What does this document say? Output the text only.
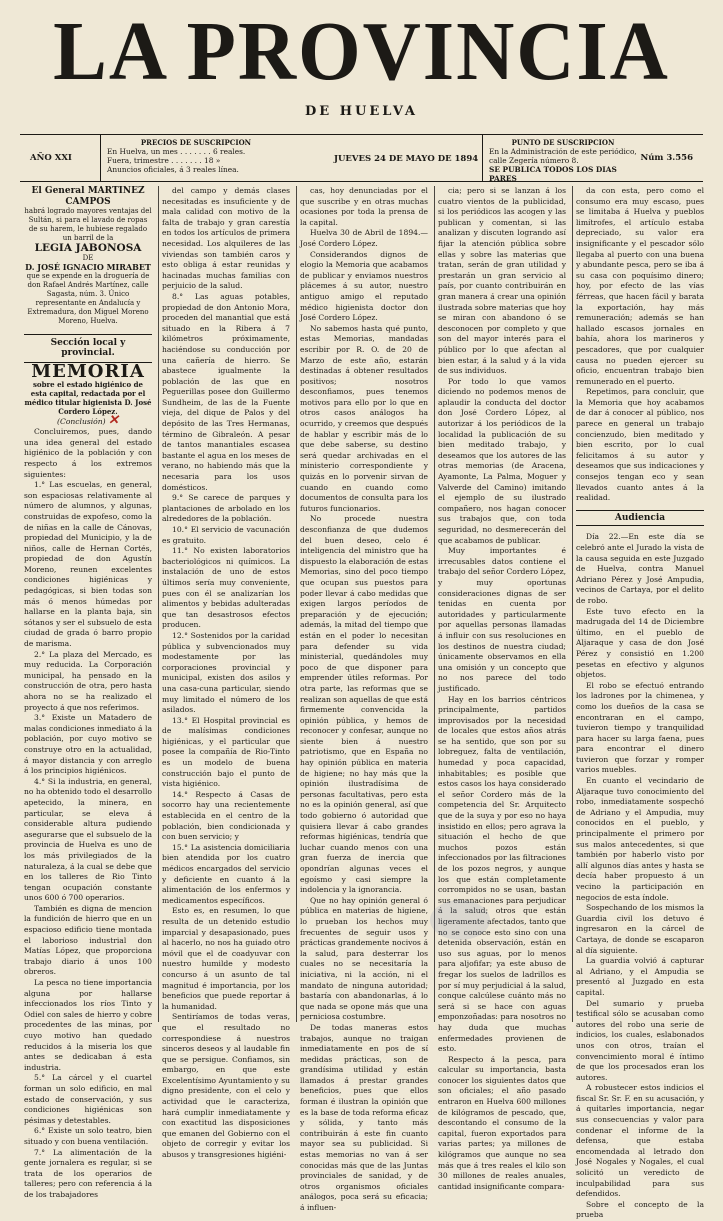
LA PROVINCIA
DE HUELVA
AÑO XXI
PRECIOS DE SUSCRIPCION
En Huelva, un mes . . . . . . . 6 reales.
Fuera, trimestre . . . . . . . 18 »
Anuncios oficiales, á 3 reales línea.
JUEVES 24 DE MAYO DE 1894
PUNTO DE SUSCRIPCION
En la Administración de este periódico,
calle Zegería número 8.
SE PUBLICA TODOS LOS DIAS PARES
Núm 3.556

El General MARTINEZ CAMPOS

habrá logrado mayores ventajas del Sultán, si para el lavado de ropas de su harem, le hubiese regalado un barril de la

LEGIA JABONOSA

DE

D. JOSÉ IGNACIO MIRABET

que se expende en la droguería de don Rafael Andrés Martínez, calle Sagasta, núm. 3. Único representante en Andalucía y Extremadura, don Miguel Moreno Moreno, Huelva.

Sección local y provincial.
MEMORIA

sobre el estado higiénico de esta capital, redactada por el médico titular higienista D. José Cordero López.

(Conclusión) ✕

Concluiremos, pues, dando una idea general del estado higiénico de la población y con respecto á los extremos siguientes:

1.° Las escuelas, en general, son espaciosas relativamente al número de alumnos, y algunas, construidas de expofeso, como la de niñas en la calle de Cánovas, propiedad del Municipio, y la de niños, calle de Hernan Cortés, propiedad de don Agustín Moreno, reunen excelentes condiciones higiénicas y pedagógicas, si bien todas son más ó menos húmedas por hallarse en la planta baja, sin sótanos y ser el subsuelo de esta ciudad de grada ó barro propio de marisma.

2.° La plaza del Mercado, es muy reducida. La Corporación municipal, ha pensado en la construcción de otra, pero hasta ahora no se ha realizado el proyecto á que nos referimos.

3.° Existe un Matadero de malas condiciones inmediato á la población, por cuyo motivo se construye otro en la actualidad, á mayor distancia y con arreglo á los principios higiénicos.

4.° Si la industria, en general, no ha obtenido todo el desarrollo apetecido, la minera, en particular, se eleva á considerable altura pudiendo asegurarse que el subsuelo de la provincia de Huelva es uno de los más privilegiados de la naturaleza, á la cual se debe que en los talleres de Rio Tinto tengan ocupación constante unos 600 ó 700 operarios.

También es digna de mencion la fundición de hierro que en un espacioso edificio tiene montada el laborioso industrial don Matías López, que proporciona trabajo diario á unos 100 obreros.

La pesca no tiene importancia alguna por hallarse infeccionados los ríos Tinto y Odiel con sales de hierro y cobre procedentes de las minas, por cuyo motivo han quedado reducidos á la miseria los que antes se dedicaban á esta industria.

5.° La cárcel y el cuartel forman un solo edificio, en mal estado de conservación, y sus condiciones higiénicas son pésimas y detestables.

6.° Existe un solo teatro, bien situado y con buena ventilación.

7.° La alimentación de la gente jornalera es regular, si se trata de los operarios de talleres; pero con referencia á la de los trabajadores

del campo y demás clases necesitadas es insuficiente y de mala calidad con motivo de la falta de trabajo y gran carestía en todos los artículos de primera necesidad. Los alquileres de las viviendas son también caros y esto obliga á estar reunidas y hacinadas muchas familias con perjuicio de la salud.

8.° Las aguas potables, propiedad de don Antonio Mora, proceden del manantial que está situado en la Ribera á 7 kilómetros próximamente, haciéndose su conducción por una cañería de hierro. Se abastece igualmente la población de las que en Peguerillas posee don Guillermo Sundheim, de las de la Fuente vieja, del dique de Palos y del depósito de las Tres Hermanas, término de Gibraleón. A pesar de tantos manantiales escasea bastante el agua en los meses de verano, no habiendo más que la necesaria para los usos domésticos.

9.° Se carece de parques y plantaciones de arbolado en los alrededores de la población.

10.° El servicio de vacunación es gratuito.

11.° No existen laboratorios bacteriológicos ni químicos. La instalación de uno de estos últimos sería muy conveniente, pues con él se analizarían los alimentos y bebidas adulteradas que tan desastrosos efectos producen.

12.° Sostenidos por la caridad pública y subvencionados muy modestamente por las corporaciones provincial y municipal, existen dos asilos y una casa-cuna particular, siendo muy limitado el número de los asilados.

13.° El Hospital provincial es de malísimas condiciones higiénicas, y el particular que posee la compañía de Rio-Tinto es un modelo de buena construcción bajo el punto de vista higiénico.

14.° Respecto á Casas de socorro hay una recientemente establecida en el centro de la población, bien condicionada y con buen servicio; y

15.° La asistencia domiciliaria bien atendida por los cuatro médicos encargados del servicio y deficiente en cuanto á la alimentación de los enfermos y medicamentos específicos.

Esto es, en resumen, lo que resulta de un detenido estudio imparcial y desapasionado, pues al hacerlo, no nos ha guiado otro móvil que el de coadyuvar con nuestro humilde y modesto concurso á un asunto de tal magnitud é importancia, por los beneficios que puede reportar á la humanidad.

Sentiríamos de todas veras, que el resultado no correspondiese á nuestros sinceros deseos y al laudable fin que se persigue. Confiamos, sin embargo, en que este Excelentísimo Ayuntamiento y su digno presidente, con el celo y actividad que le caracteriza, hará cumplir inmediatamente y con exactitud las disposiciones que emanen del Gobierno con el objeto de corregir y evitar los abusos y transgresiones higiéni-

cas, hoy denunciadas por el que suscribe y en otras muchas ocasiones por toda la prensa de la capital.

Huelva 30 de Abril de 1894.—José Cordero López.

Considerandos dignos de elogio la Memoria que acabamos de publicar y enviamos nuestros plácemes á su autor, nuestro antiguo amigo el reputado médico higienista doctor don José Cordero López.

No sabemos hasta qué punto, estas Memorias, mandadas escribir por R. O. de 20 de Marzo de este año, estarán destinadas á obtener resultados positivos; nosotros desconfiamos, pues tenemos motivos para ello por lo que en otros casos análogos ha ocurrido, y creemos que después de hablar y escribir más de lo que debe saberse, su destino será quedar archivadas en el ministerio correspondiente y quizás en lo porvenir sirvan de cuando en cuando como documentos de consulta para los futuros funcionarios.

No procede nuestra desconfianza de que dudemos del buen deseo, celo é inteligencia del ministro que ha dispuesto la elaboración de estas Memorias, sino del poco tiempo que ocupan sus puestos para poder llevar á cabo medidas que exigen largos períodos de preparación y de ejecución; además, la mitad del tiempo que están en el poder lo necesitan para defender su vida ministerial, quedándoles muy poco de que disponer para emprender útiles reformas. Por otra parte, las reformas que se realizan son aquellas de que está firmemente convencida la opinión pública, y hemos de reconocer y confesar, aunque no siente bien á nuestro patriotismo, que en España no hay opinión pública en materia de higiene; no hay más que la opinión ilustradísima de personas facultativas, pero esta no es la opinión general, así que todo gobierno ó autoridad que quisiera llevar á cabo grandes reformas higiénicas, tendría que luchar cuando menos con una gran fuerza de inercia que opondrían algunas veces el egoísmo y casi siempre la indolencia y la ignorancia.

Que no hay opinión general ó pública en materias de higiene, lo prueban los hechos muy frecuentes de seguir usos y prácticas grandemente nocivos á la salud, para desterrar los cuales no se necesitaría la iniciativa, ni la acción, ni el mandato de ninguna autoridad; bastaría con abandonarlas, á lo que nada se opone más que una perniciosa costumbre.

De todas maneras estos trabajos, aunque no traigan inmediatamente en pos de sí medidas prácticas, son de grandísima utilidad y están llamados á prestar grandes beneficios, pues que ellos forman é ilustran la opinión que es la base de toda reforma eficaz y sólida, y tanto más contribuirán á este fin cuanto mayor sea su publicidad. Si estas memorias no van á ser conocidas más que de las Juntas provinciales de sanidad, y de otros organismos oficiales análogos, poca será su eficacia; á influen-

cia; pero si se lanzan á los cuatro vientos de la publicidad, si los periódicos las acogen y las publican y comentan, si las analizan y discuten logrando así fijar la atención pública sobre ellas y sobre las materias que tratan, serán de gran utilidad y prestarán un gran servicio al país, por cuanto contribuirán en gran manera á crear una opinión ilustrada sobre materias que hoy se miran con abandono ó se desconocen por completo y que son del mayor interés para el público por lo que afectan al bien estar, á la salud y á la vida de sus individuos.

Por todo lo que vamos diciendo no podemos menos de aplaudir la conducta del doctor don José Cordero López, al autorizar á los periódicos de la localidad la publicación de su bien meditado trabajo, y deseamos que los autores de las otras memorias (de Aracena, Ayamonte, La Palma, Moguer y Valverde del Camino) imitando el ejemplo de su ilustrado compañero, nos hagan conocer sus trabajos que, con toda seguridad, no desmerecerán del que acabamos de publicar.

Muy importantes é irrecusables datos contiene el trabajo del señor Cordero López, y muy oportunas consideraciones dignas de ser tenidas en cuenta por autoridades y particularmente por aquellas personas llamadas á influir con sus resoluciones en los destinos de nuestra ciudad; únicamente observamos en ella una omisión y un concepto que no nos parece del todo justificado.

Hay en los barrios céntricos principalmente, partidos improvisados por la necesidad de locales que estos años atrás se ha sentido, que son por su lobreguez, falta de ventilación, humedad y poca capacidad, inhabitables; es posible que estos casos los haya considerado el señor Cordero más de la competencia del Sr. Arquitecto que de la suya y por eso no haya insistido en ellos; pero agrava la situación el hecho de que muchos pozos están infeccionados por las filtraciones de los pozos negros, y aunque los que están completamente corrompidos no se usan, bastan sus emanaciones para perjudicar á la salud; otros que están ligeramente afectados, tanto que no se conoce esto sino con una detenida observación, están en uso sus aguas, por lo menos para aljofifar; ya este abuso de fregar los suelos de ladrillos es por sí muy perjudicial á la salud, conque calcúlese cuánto más no será si se hace con aguas emponzoñadas: para nosotros no hay duda que muchas enfermedades provienen de esto.

Respecto á la pesca, para calcular su importancia, basta conocer los siguientes datos que son oficiales; el año pasado entraron en Huelva 600 millones de kilógramos de pescado, que, descontando el consumo de la capital, fueron exportados para varias partes; ya millones de kilógramos que aunque no sea más que á tres reales el kilo son 30 millones de reales anuales, cantidad insignificante compara-

da con esta, pero como el consumo era muy escaso, pues se limitaba á Huelva y pueblos limítrofes, el artículo estaba depreciado, su valor era insignificante y el pescador sólo llegaba al puerto con una buena y abundante pesca, pero se iba á su casa con poquísimo dinero; hoy, por efecto de las vías férreas, que hacen fácil y barata la exportación, hay más remuneración; además se han hallado escasos jornales en bahía, ahora los marineros y pescadores, que por cualquier causa no pueden ejercer su oficio, encuentran trabajo bien remunerado en el puerto.

Repetimos, para concluir, que la Memoria que hoy acabamos de dar á conocer al público, nos parece en general un trabajo concienzudo, bien meditado y bien escrito, por lo cual felicitamos á su autor y deseamos que sus indicaciones y consejos tengan eco y sean llevados cuanto antes á la realidad.

Audiencia

Día 22.—En este día se celebró ante el Jurado la vista de la causa seguida en este Juzgado de Huelva, contra Manuel Adriano Pérez y José Ampudia, vecinos de Cartaya, por el delito de robo.

Este tuvo efecto en la madrugada del 14 de Diciembre último, en el pueblo de Aljaraque y casa de don José Pérez y consistió en 1.200 pesetas en efectivo y algunos objetos.

El robo se efectuó entrando los ladrones por la chimenea, y como los dueños de la casa se encontraran en el campo, tuvieron tiempo y tranquilidad para hacer su larga faena, pues para encontrar el dinero tuvieron que forzar y romper varios muebles.

En cuanto el vecindario de Aljaraque tuvo conocimiento del robo, inmediatamente sospechó de Adriano y el Ampudia, muy conocidos en el pueblo, y principalmente el primero por sus malos antecedentes, si que también por haberlo visto por allí algunos días antes y hasta se decía haber propuesto á un vecino la participación en negocios de esta índole.

Sospechando de los mismos la Guardia civil los detuvo é ingresaron en la cárcel de Cartaya, de donde se escaparon al día siguiente.

La guardia volvió á capturar al Adriano, y el Ampudia se presentó al Juzgado en esta capital.

Del sumario y prueba testifical sólo se acusaban como autores del robo una serie de indicios, los cuales, eslabonados unos con otros, traían el convencimiento moral é íntimo de que los procesados eran los autores.

A robustecer estos indicios el fiscal Sr. Sr. F. en su acusación, y á quitarles importancia, negar sus consecuencias y valor para condenar el informe de la defensa, que estaba encomendada al letrado don José Nogales y Nogales, el cual solicitó un veredicto de inculpabilidad para sus defendidos.

Sobre el concepto de la prueba
